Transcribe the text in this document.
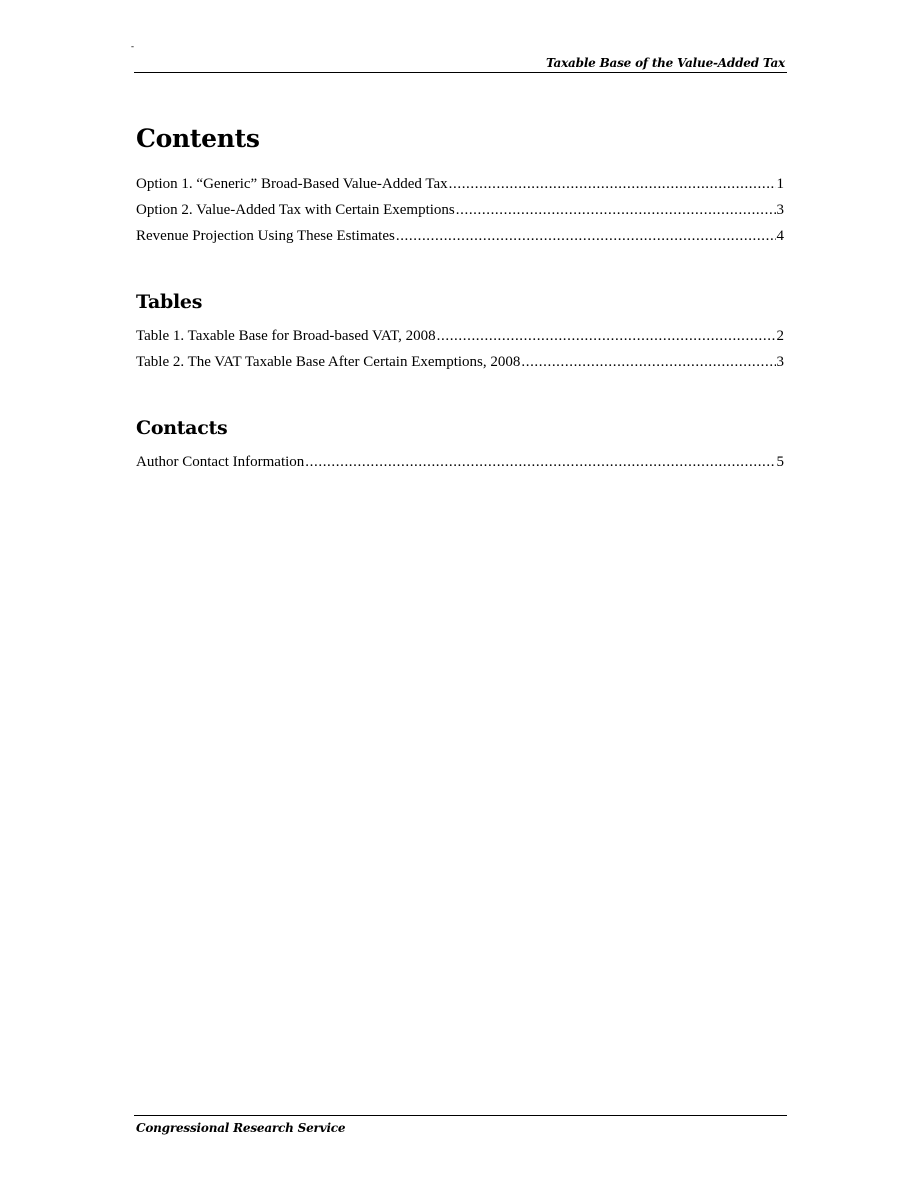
-
Taxable Base of the Value-Added Tax
Contents
Option 1. “Generic” Broad-Based Value-Added Tax .....	1
Option 2. Value-Added Tax with Certain Exemptions .....	3
Revenue Projection Using These Estimates .....	4
Tables
Table 1. Taxable Base for Broad-based VAT, 2008 .....	2
Table 2. The VAT Taxable Base After Certain Exemptions, 2008 .....	3
Contacts
Author Contact Information .....	5
Congressional Research Service
